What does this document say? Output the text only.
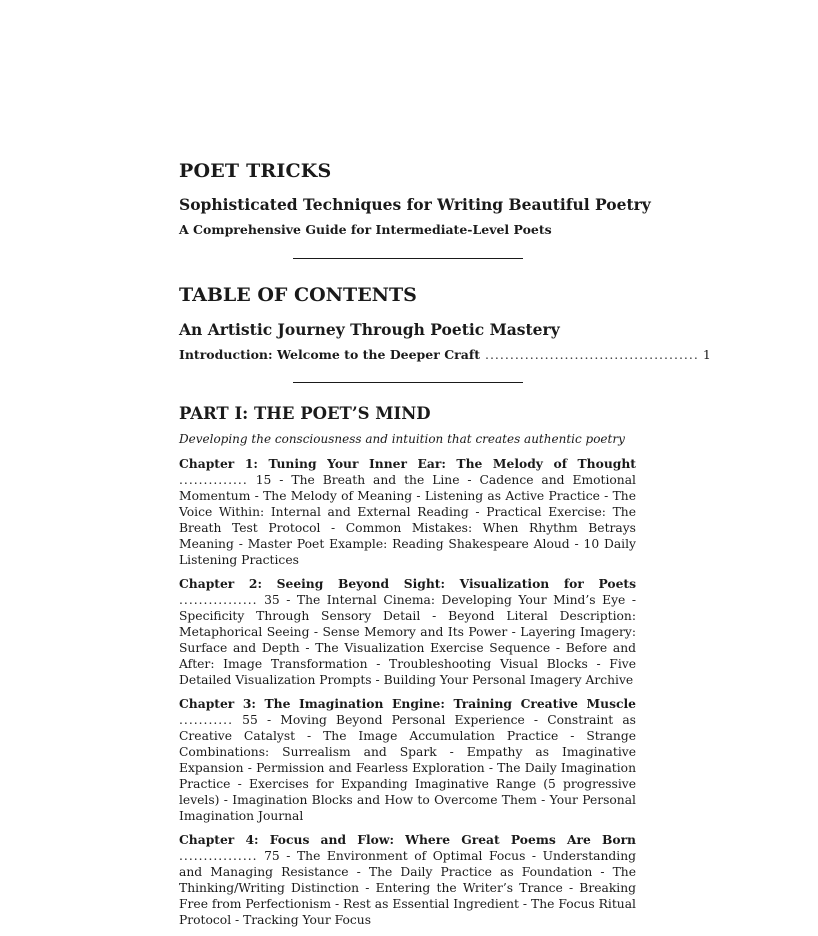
POET TRICKS
Sophisticated Techniques for Writing Beautiful Poetry
A Comprehensive Guide for Intermediate-Level Poets
TABLE OF CONTENTS
An Artistic Journey Through Poetic Mastery
Introduction: Welcome to the Deeper Craft ........................................... 1
PART I: THE POET’S MIND
Developing the consciousness and intuition that creates authentic poetry
Chapter 1: Tuning Your Inner Ear: The Melody of Thought
.............. 15 - The Breath and the Line - Cadence and Emotional Momentum - The Melody of Meaning - Listening as Active Practice - The Voice Within: Internal and External Reading - Practical Exercise: The Breath Test Protocol - Common Mistakes: When Rhythm Betrays Meaning - Master Poet Example: Reading Shakespeare Aloud - 10 Daily Listening Practices
Chapter 2: Seeing Beyond Sight: Visualization for Poets
................ 35 - The Internal Cinema: Developing Your Mind’s Eye - Specificity Through Sensory Detail - Beyond Literal Description: Metaphorical Seeing - Sense Memory and Its Power - Layering Imagery: Surface and Depth - The Visualization Exercise Sequence - Before and After: Image Transformation - Troubleshooting Visual Blocks - Five Detailed Visualization Prompts - Building Your Personal Imagery Archive
Chapter 3: The Imagination Engine: Training Creative Muscle
........... 55 - Moving Beyond Personal Experience - Constraint as Creative Catalyst - The Image Accumulation Practice - Strange Combinations: Surrealism and Spark - Empathy as Imaginative Expansion - Permission and Fearless Exploration - The Daily Imagination Practice - Exercises for Expanding Imaginative Range (5 progressive levels) - Imagination Blocks and How to Overcome Them - Your Personal Imagination Journal
Chapter 4: Focus and Flow: Where Great Poems Are Born
................ 75 - The Environment of Optimal Focus - Understanding and Managing Resistance - The Daily Practice as Foundation - The Thinking/Writing Distinction - Entering the Writer’s Trance - Breaking Free from Perfectionism - Rest as Essential Ingredient - The Focus Ritual Protocol - Tracking Your Focus
